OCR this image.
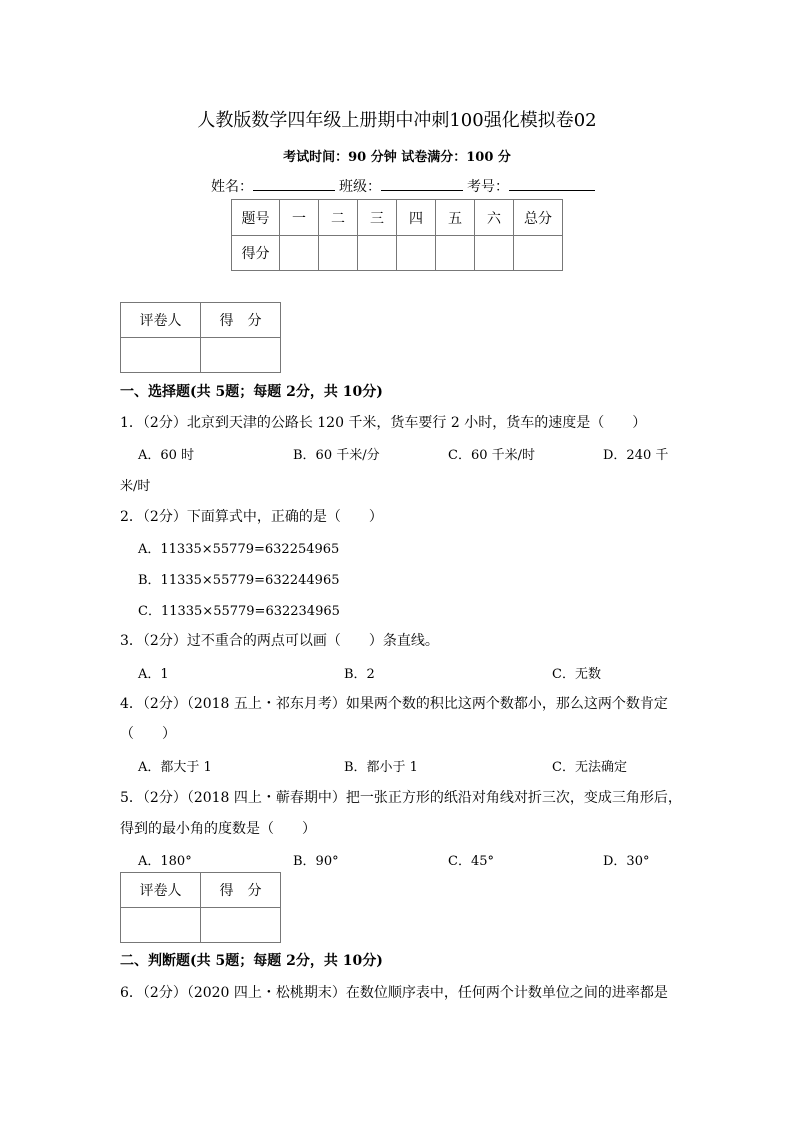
人教版数学四年级上册期中冲刺100强化模拟卷02
考试时间：90 分钟 试卷满分：100 分
姓名：	班级：	考号：
题号	一	二	三	四	五	六	总分
得分							
评卷人	得　分

一、选择题(共 5题；每题 2分，共 10分)
1．（2分）北京到天津的公路长 120 千米，货车要行 2 小时，货车的速度是（　　）
A．60 时	B．60 千米/分	C．60 千米/时	D．240 千
米/时
2．（2分）下面算式中，正确的是（　　）
A．11335×55779=632254965
B．11335×55779=632244965
C．11335×55779=632234965
3．（2分）过不重合的两点可以画（　　）条直线。
A．1	B．2	C．无数
4．（2分）（2018 五上・祁东月考）如果两个数的积比这两个数都小，那么这两个数肯定
（　　）
A．都大于 1	B．都小于 1	C．无法确定
5．（2分）（2018 四上・蕲春期中）把一张正方形的纸沿对角线对折三次，变成三角形后，
得到的最小角的度数是（　　）
A．180°	B．90°	C．45°	D．30°
评卷人	得　分

二、判断题(共 5题；每题 2分，共 10分)
6．（2分）（2020 四上・松桃期末）在数位顺序表中，任何两个计数单位之间的进率都是
